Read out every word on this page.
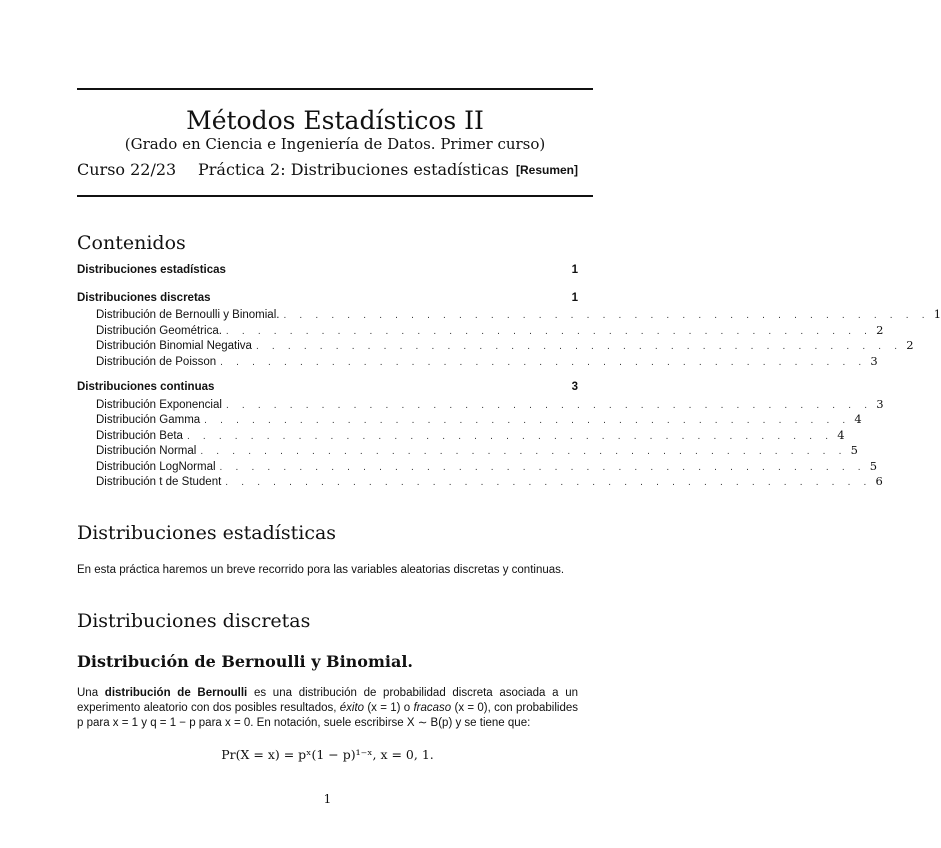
Métodos Estadísticos II
(Grado en Ciencia e Ingeniería de Datos. Primer curso)
Curso 22/23 Práctica 2: Distribuciones estadísticas [Resumen]
Contenidos
Distribuciones estadísticas	1
Distribuciones discretas	1
Distribución de Bernoulli y Binomial. . . . . . . . . . . . . . . . . . . . . . . . . . . . . . . . . . . . . . . . . . 1
Distribución Geométrica. . . . . . . . . . . . . . . . . . . . . . . . . . . . . . . . . . . . . . . . . . 2
Distribución Binomial Negativa . . . . . . . . . . . . . . . . . . . . . . . . . . . . . . . . . . . . . . . . . 2
Distribución de Poisson . . . . . . . . . . . . . . . . . . . . . . . . . . . . . . . . . . . . . . . . . 3
Distribuciones continuas	3
Distribución Exponencial . . . . . . . . . . . . . . . . . . . . . . . . . . . . . . . . . . . . . . . . . 3
Distribución Gamma . . . . . . . . . . . . . . . . . . . . . . . . . . . . . . . . . . . . . . . . . 4
Distribución Beta . . . . . . . . . . . . . . . . . . . . . . . . . . . . . . . . . . . . . . . . . 4
Distribución Normal . . . . . . . . . . . . . . . . . . . . . . . . . . . . . . . . . . . . . . . . . 5
Distribución LogNormal . . . . . . . . . . . . . . . . . . . . . . . . . . . . . . . . . . . . . . . . . 5
Distribución t de Student . . . . . . . . . . . . . . . . . . . . . . . . . . . . . . . . . . . . . . . . . 6
Distribuciones estadísticas
En esta práctica haremos un breve recorrido pora las variables aleatorias discretas y continuas.
Distribuciones discretas
Distribución de Bernoulli y Binomial.
Una distribución de Bernoulli es una distribución de probabilidad discreta asociada a un experimento aleatorio con dos posibles resultados, éxito (x = 1) o fracaso (x = 0), con probabilides p para x = 1 y q = 1 − p para x = 0. En notación, suele escribirse X ∼ B(p) y se tiene que:
Pr(X = x) = pˣ(1 − p)¹⁻ˣ, x = 0, 1.
1
